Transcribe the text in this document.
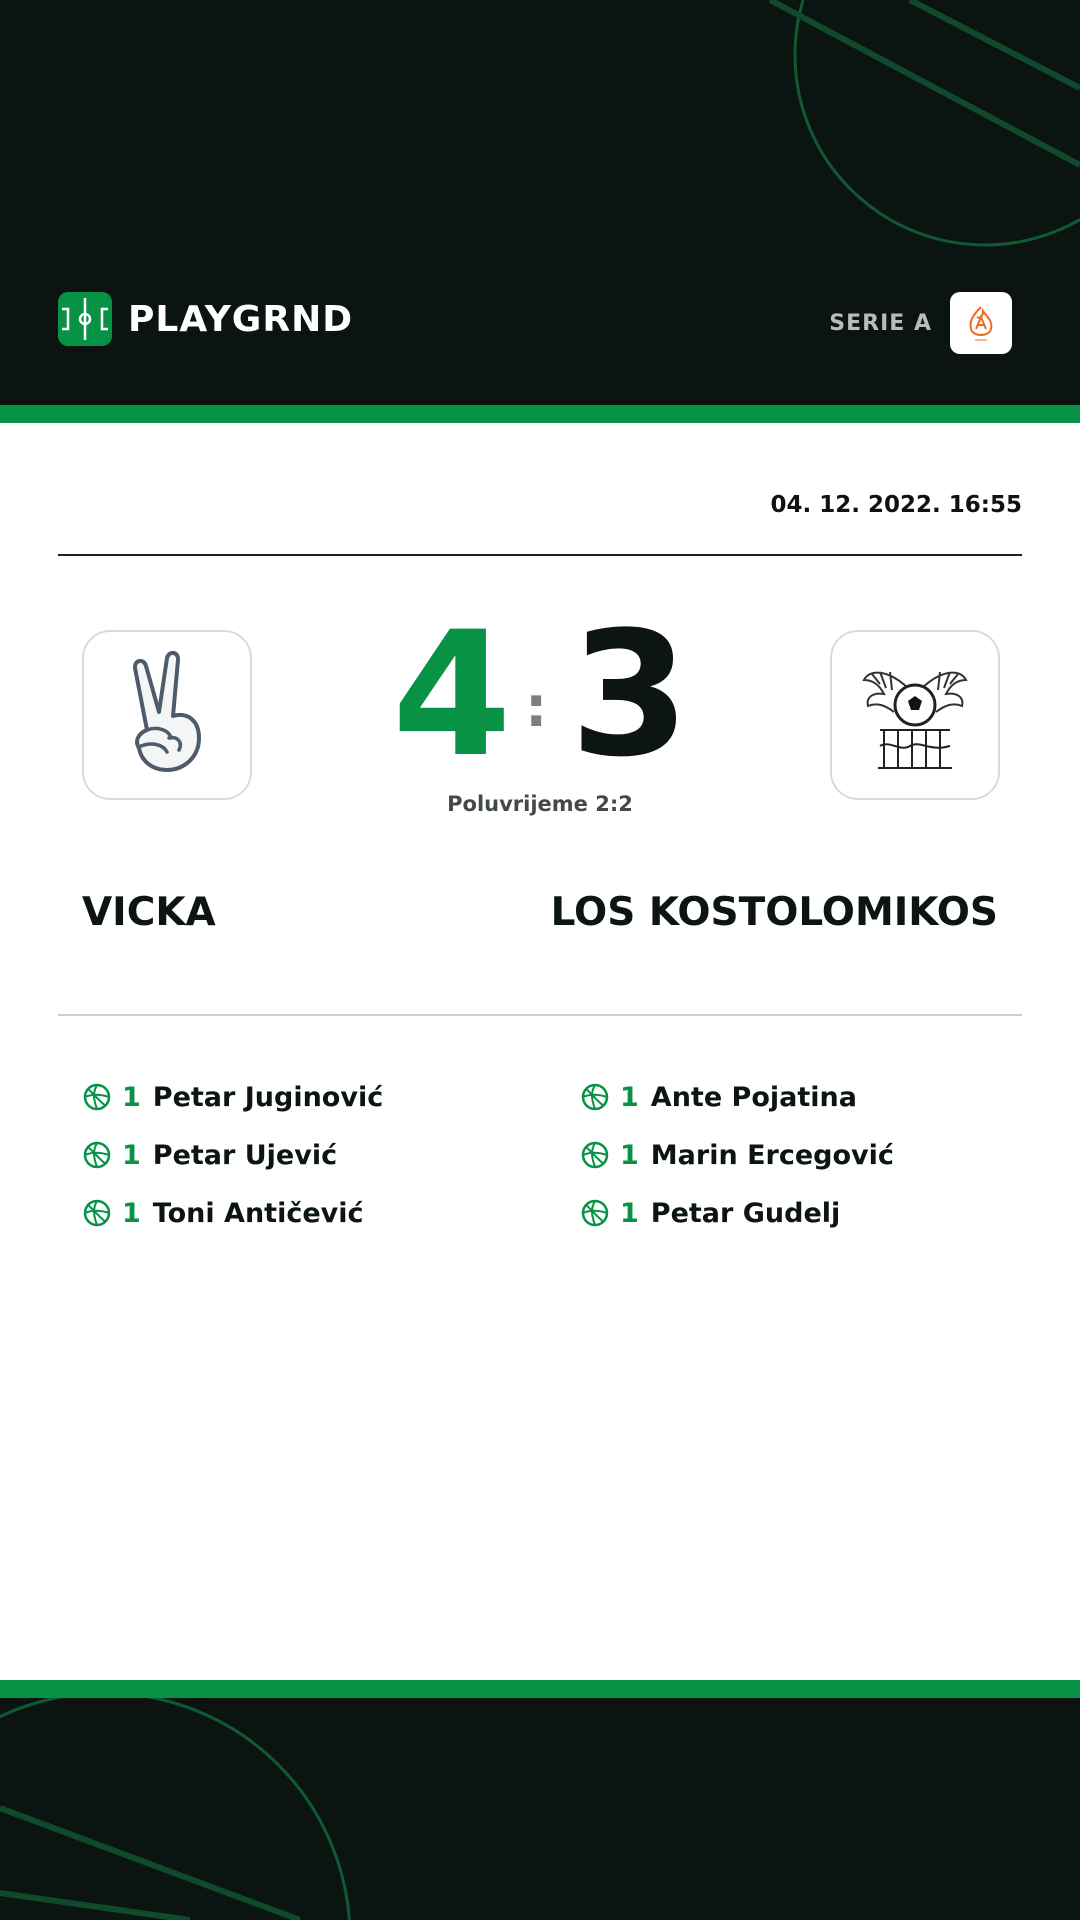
PLAYGRND	SERIE A
04. 12. 2022. 16:55
4 : 3
Poluvrijeme 2:2
VICKA	LOS KOSTOLOMIKOS
1 Petar Juginović
1 Petar Ujević
1 Toni Antičević
1 Ante Pojatina
1 Marin Ercegović
1 Petar Gudelj
